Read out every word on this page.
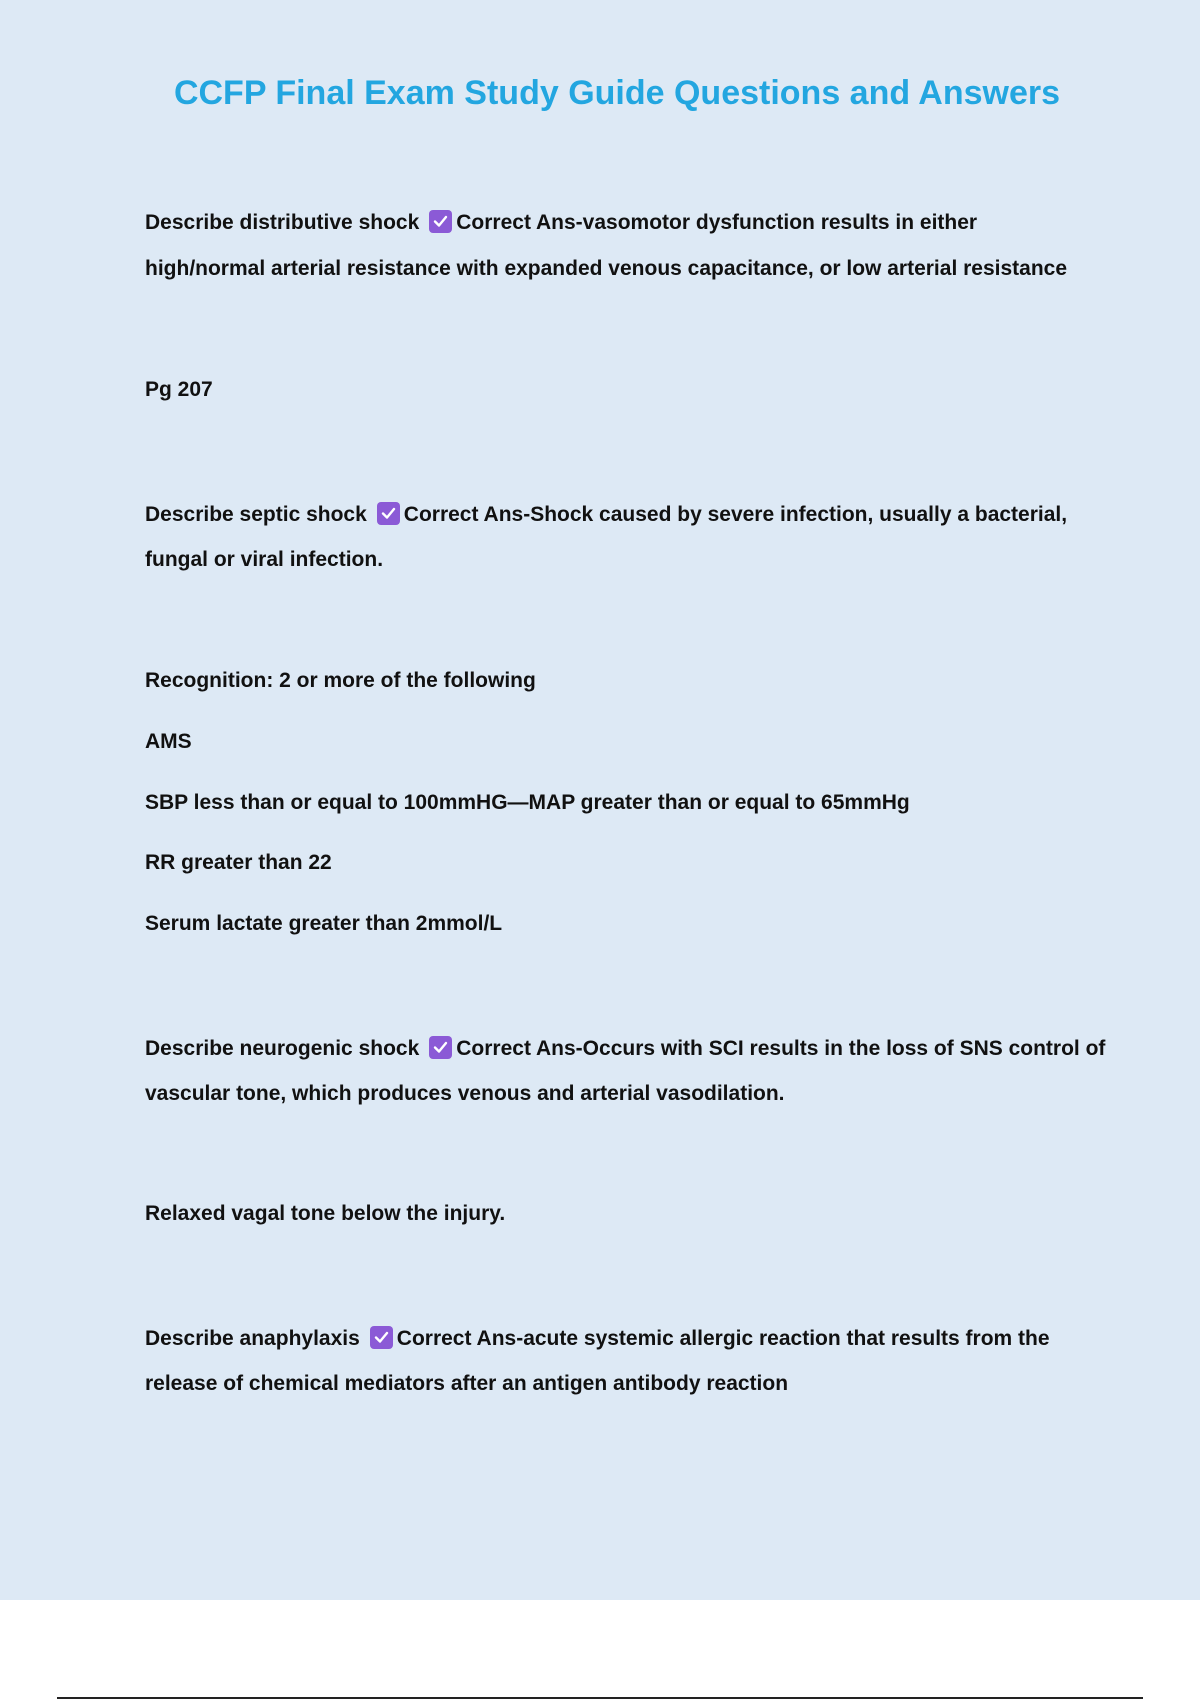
CCFP Final Exam Study Guide Questions and Answers
Describe distributive shock Correct Ans-vasomotor dysfunction results in either
high/normal arterial resistance with expanded venous capacitance, or low arterial resistance
Pg 207
Describe septic shock Correct Ans-Shock caused by severe infection, usually a bacterial,
fungal or viral infection.
Recognition: 2 or more of the following
AMS
SBP less than or equal to 100mmHG—MAP greater than or equal to 65mmHg
RR greater than 22
Serum lactate greater than 2mmol/L
Describe neurogenic shock Correct Ans-Occurs with SCI results in the loss of SNS control of
vascular tone, which produces venous and arterial vasodilation.
Relaxed vagal tone below the injury.
Describe anaphylaxis Correct Ans-acute systemic allergic reaction that results from the
release of chemical mediators after an antigen antibody reaction
